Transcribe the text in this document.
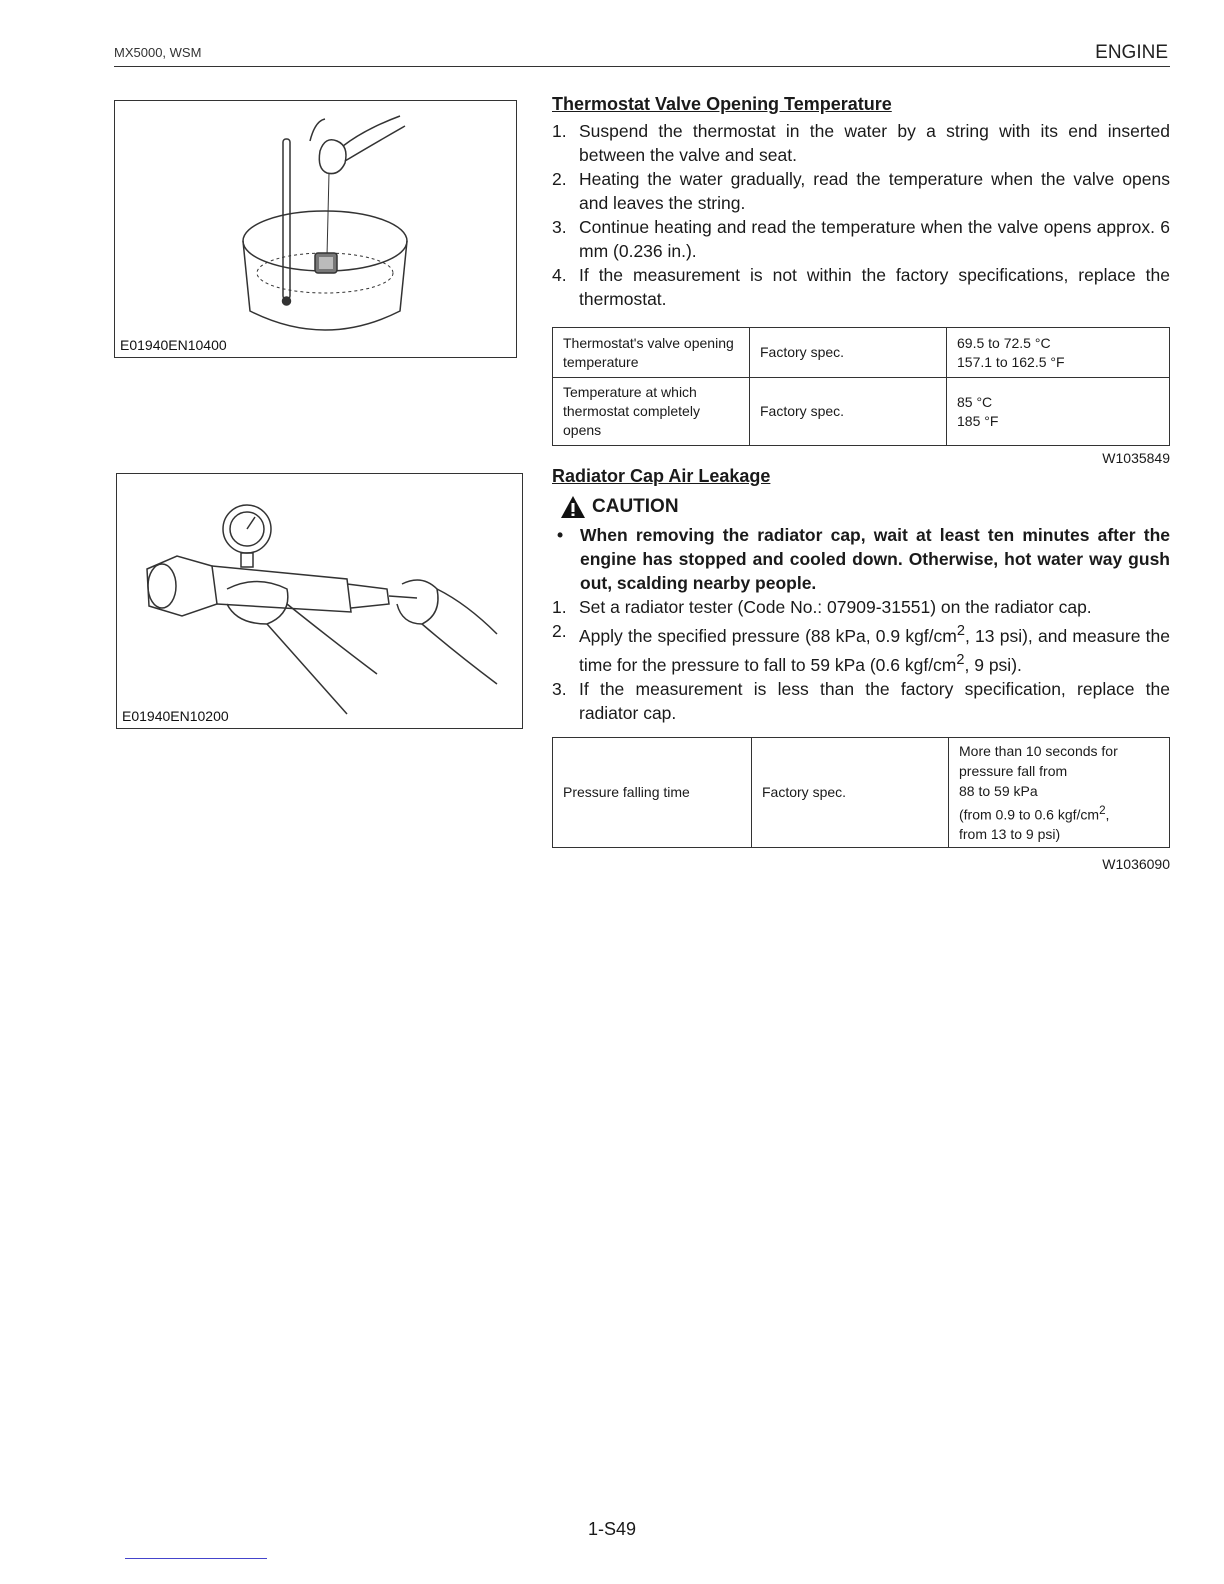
MX5000, WSM	ENGINE
E01940EN10400
E01940EN10200
Thermostat Valve Opening Temperature
1. Suspend the thermostat in the water by a string with its end inserted between the valve and seat.
2. Heating the water gradually, read the temperature when the valve opens and leaves the string.
3. Continue heating and read the temperature when the valve opens approx. 6 mm (0.236 in.).
4. If the measurement is not within the factory specifications, replace the thermostat.
Thermostat's valve opening temperature	Factory spec.	69.5 to 72.5 °C
157.1 to 162.5 °F

Temperature at which thermostat completely opens	Factory spec.	85 °C
185 °F
W1035849
Radiator Cap Air Leakage
CAUTION
• When removing the radiator cap, wait at least ten minutes after the engine has stopped and cooled down. Otherwise, hot water way gush out, scalding nearby people.
1. Set a radiator tester (Code No.: 07909-31551) on the radiator cap.
2. Apply the specified pressure (88 kPa, 0.9 kgf/$cm^2$, 13 psi), and measure the time for the pressure to fall to 59 kPa (0.6 kgf/$cm^2$, 9 psi).
3. If the measurement is less than the factory specification, replace the radiator cap.
Pressure falling time	Factory spec.	
More than 10 seconds for
pressure fall from
88 to 59 kPa
(from 0.9 to 0.6 kgf/$cm^2$,
from 13 to 9 psi)
W1036090
1-S49
